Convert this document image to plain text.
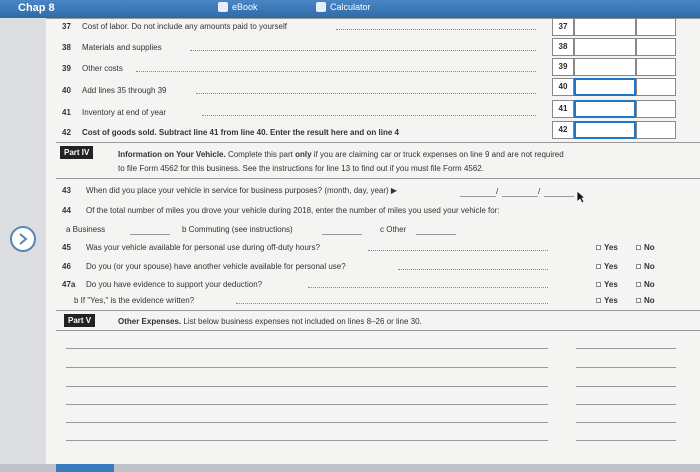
Chap 8	eBook	Calculator
37 Cost of labor. Do not include any amounts paid to yourself	37
38 Materials and supplies	38
39 Other costs	39
40 Add lines 35 through 39	40
41 Inventory at end of year	41
42 Cost of goods sold. Subtract line 41 from line 40. Enter the result here and on line 4	42
Part IV	Information on Your Vehicle. Complete this part only if you are claiming car or truck expenses on line 9 and are not required
to file Form 4562 for this business. See the instructions for line 13 to find out if you must file Form 4562.
43 When did you place your vehicle in service for business purposes? (month, day, year) ▶	/	/
44 Of the total number of miles you drove your vehicle during 2018, enter the number of miles you used your vehicle for:
a Business	b Commuting (see instructions)	c Other
45 Was your vehicle available for personal use during off-duty hours?	Yes	No
46 Do you (or your spouse) have another vehicle available for personal use?	Yes	No
47a Do you have evidence to support your deduction?	Yes	No
b If "Yes," is the evidence written?	Yes	No
Part V	Other Expenses. List below business expenses not included on lines 8–26 or line 30.
